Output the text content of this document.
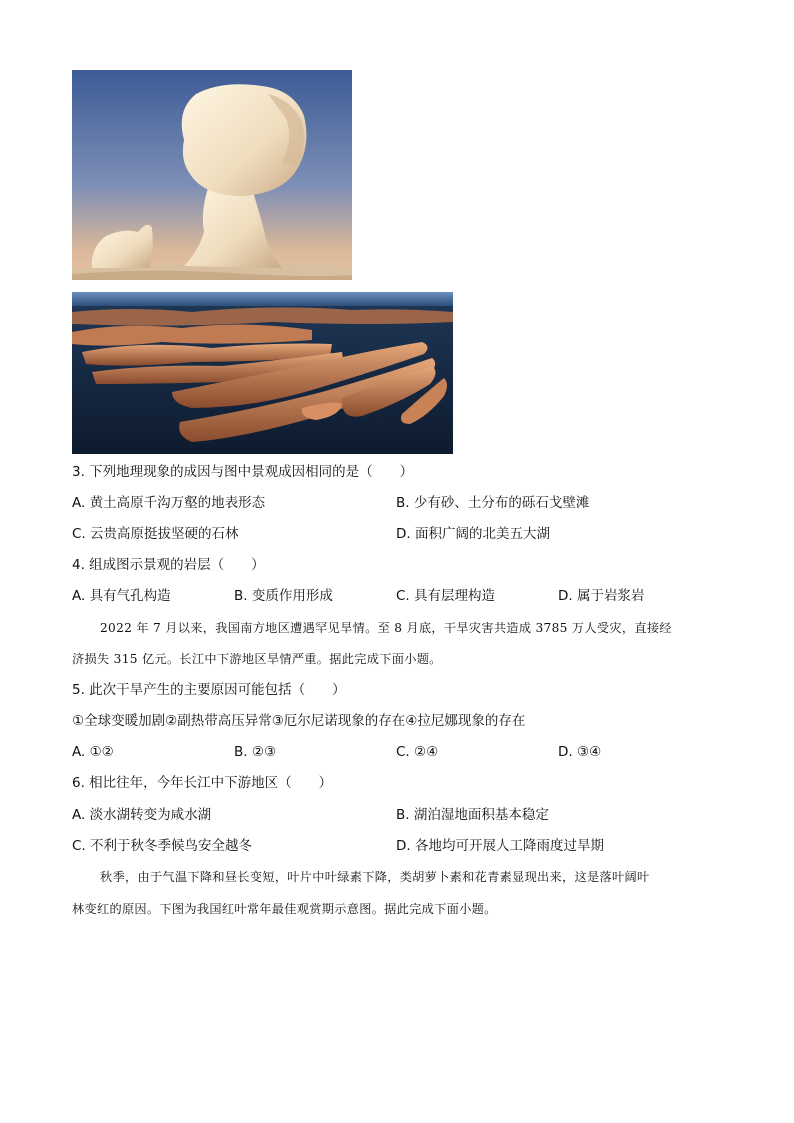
3. 下列地理现象的成因与图中景观成因相同的是（　　）
A. 黄土高原千沟万壑的地表形态	B. 少有砂、土分布的砾石戈壁滩
C. 云贵高原挺拔坚硬的石林	D. 面积广阔的北美五大湖
4. 组成图示景观的岩层（　　）
A. 具有气孔构造	B. 变质作用形成	C. 具有层理构造	D. 属于岩浆岩
2022 年 7 月以来，我国南方地区遭遇罕见旱情。至 8 月底，干旱灾害共造成 3785 万人受灾，直接经
济损失 315 亿元。长江中下游地区旱情严重。据此完成下面小题。
5. 此次干旱产生的主要原因可能包括（　　）
①全球变暖加剧②副热带高压异常③厄尔尼诺现象的存在④拉尼娜现象的存在
A. ①②	B. ②③	C. ②④	D. ③④
6. 相比往年，今年长江中下游地区（　　）
A. 淡水湖转变为咸水湖	B. 湖泊湿地面积基本稳定
C. 不利于秋冬季候鸟安全越冬	D. 各地均可开展人工降雨度过旱期
秋季，由于气温下降和昼长变短，叶片中叶绿素下降，类胡萝卜素和花青素显现出来，这是落叶阔叶
林变红的原因。下图为我国红叶常年最佳观赏期示意图。据此完成下面小题。
